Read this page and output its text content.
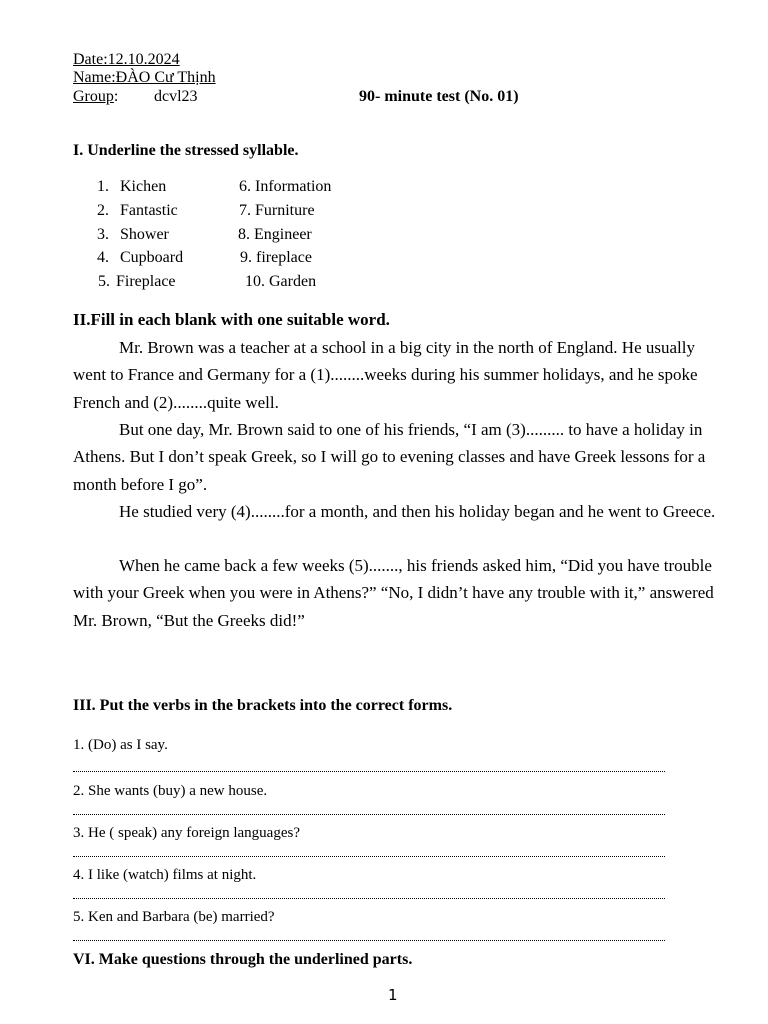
Date:12.10.2024
Name:ĐÀO Cư Thịnh
Group: dcvl23	90- minute test (No. 01)
I. Underline the stressed syllable.
1. Kichen
2. Fantastic
3. Shower
4. Cupboard
5. Fireplace
6. Information
7. Furniture
8. Engineer
9. fireplace
10. Garden
II.Fill in each blank with one suitable word.
Mr. Brown was a teacher at a school in a big city in the north of England. He usually went to France and Germany for a (1)........weeks during his summer holidays, and he spoke French and (2)........quite well.
But one day, Mr. Brown said to one of his friends, “I am (3)......... to have a holiday in Athens. But I don’t speak Greek, so I will go to evening classes and have Greek lessons for a month before I go”.
He studied very (4)........for a month, and then his holiday began and he went to Greece.
When he came back a few weeks (5)......., his friends asked him, “Did you have trouble with your Greek when you were in Athens?” “No, I didn’t have any trouble with it,” answered Mr. Brown, “But the Greeks did!”
III. Put the verbs in the brackets into the correct forms.
1. (Do) as I say.
2. She wants (buy) a new house.
3. He ( speak) any foreign languages?
4. I like (watch) films at night.
5. Ken and Barbara (be) married?
VI. Make questions through the underlined parts.
1
